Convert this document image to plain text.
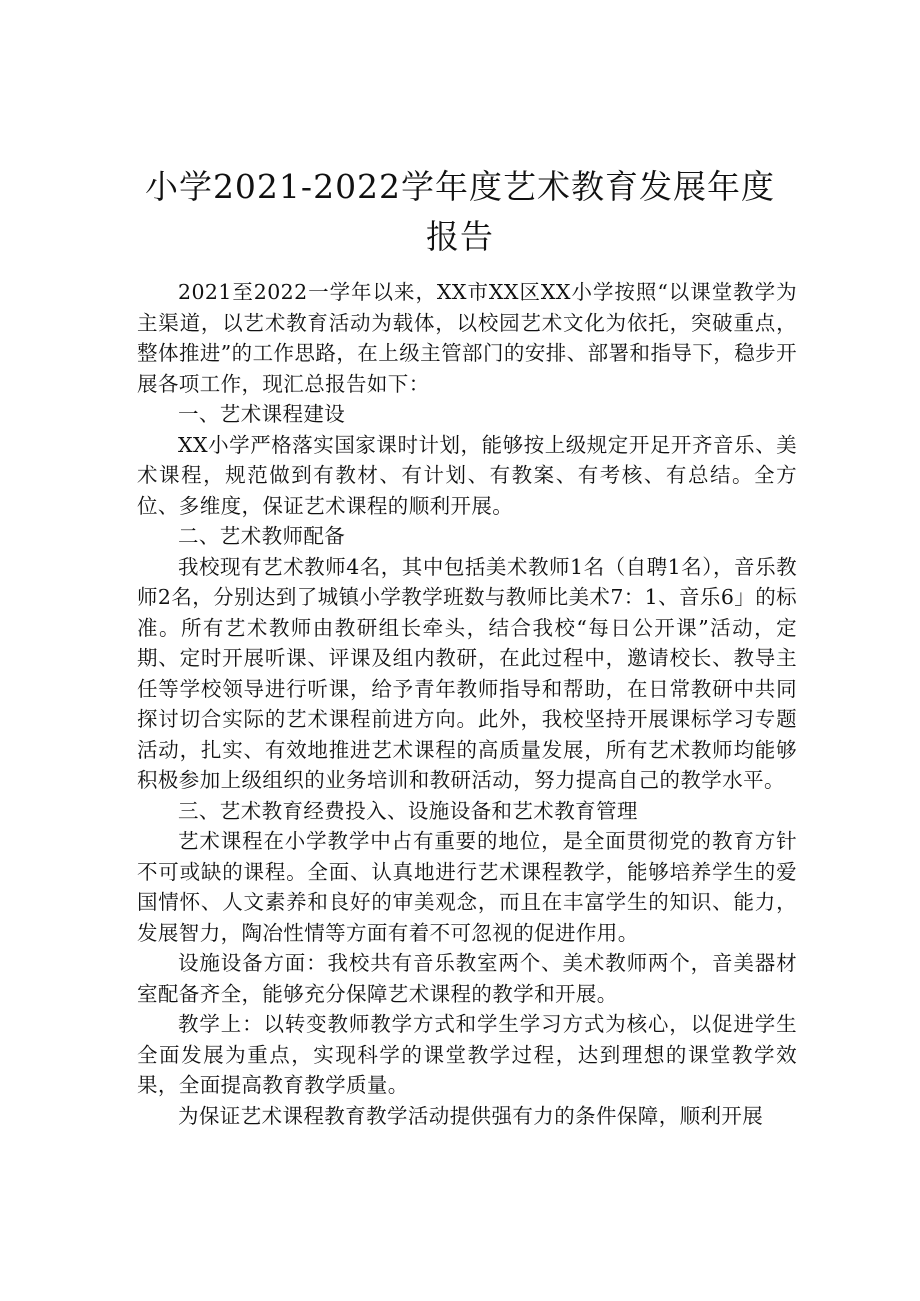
小学2021-2022学年度艺术教育发展年度报告

2021至2022一学年以来，XX市XX区XX小学按照“以课堂教学为主渠道，以艺术教育活动为载体，以校园艺术文化为依托，突破重点，整体推进”的工作思路，在上级主管部门的安排、部署和指导下，稳步开展各项工作，现汇总报告如下：

一、艺术课程建设

XX小学严格落实国家课时计划，能够按上级规定开足开齐音乐、美术课程，规范做到有教材、有计划、有教案、有考核、有总结。全方位、多维度，保证艺术课程的顺利开展。

二、艺术教师配备

我校现有艺术教师4名，其中包括美术教师1名（自聘1名），音乐教师2名，分别达到了城镇小学教学班数与教师比美术7：1、音乐6」的标准。所有艺术教师由教研组长牵头，结合我校“每日公开课”活动，定期、定时开展听课、评课及组内教研，在此过程中，邀请校长、教导主任等学校领导进行听课，给予青年教师指导和帮助，在日常教研中共同探讨切合实际的艺术课程前进方向。此外，我校坚持开展课标学习专题活动，扎实、有效地推进艺术课程的高质量发展，所有艺术教师均能够积极参加上级组织的业务培训和教研活动，努力提高自己的教学水平。

三、艺术教育经费投入、设施设备和艺术教育管理

艺术课程在小学教学中占有重要的地位，是全面贯彻党的教育方针不可或缺的课程。全面、认真地进行艺术课程教学，能够培养学生的爱国情怀、人文素养和良好的审美观念，而且在丰富学生的知识、能力，发展智力，陶冶性情等方面有着不可忽视的促进作用。

设施设备方面：我校共有音乐教室两个、美术教师两个，音美器材室配备齐全，能够充分保障艺术课程的教学和开展。

教学上：以转变教师教学方式和学生学习方式为核心，以促进学生全面发展为重点，实现科学的课堂教学过程，达到理想的课堂教学效果，全面提高教育教学质量。

为保证艺术课程教育教学活动提供强有力的条件保障，顺利开展
